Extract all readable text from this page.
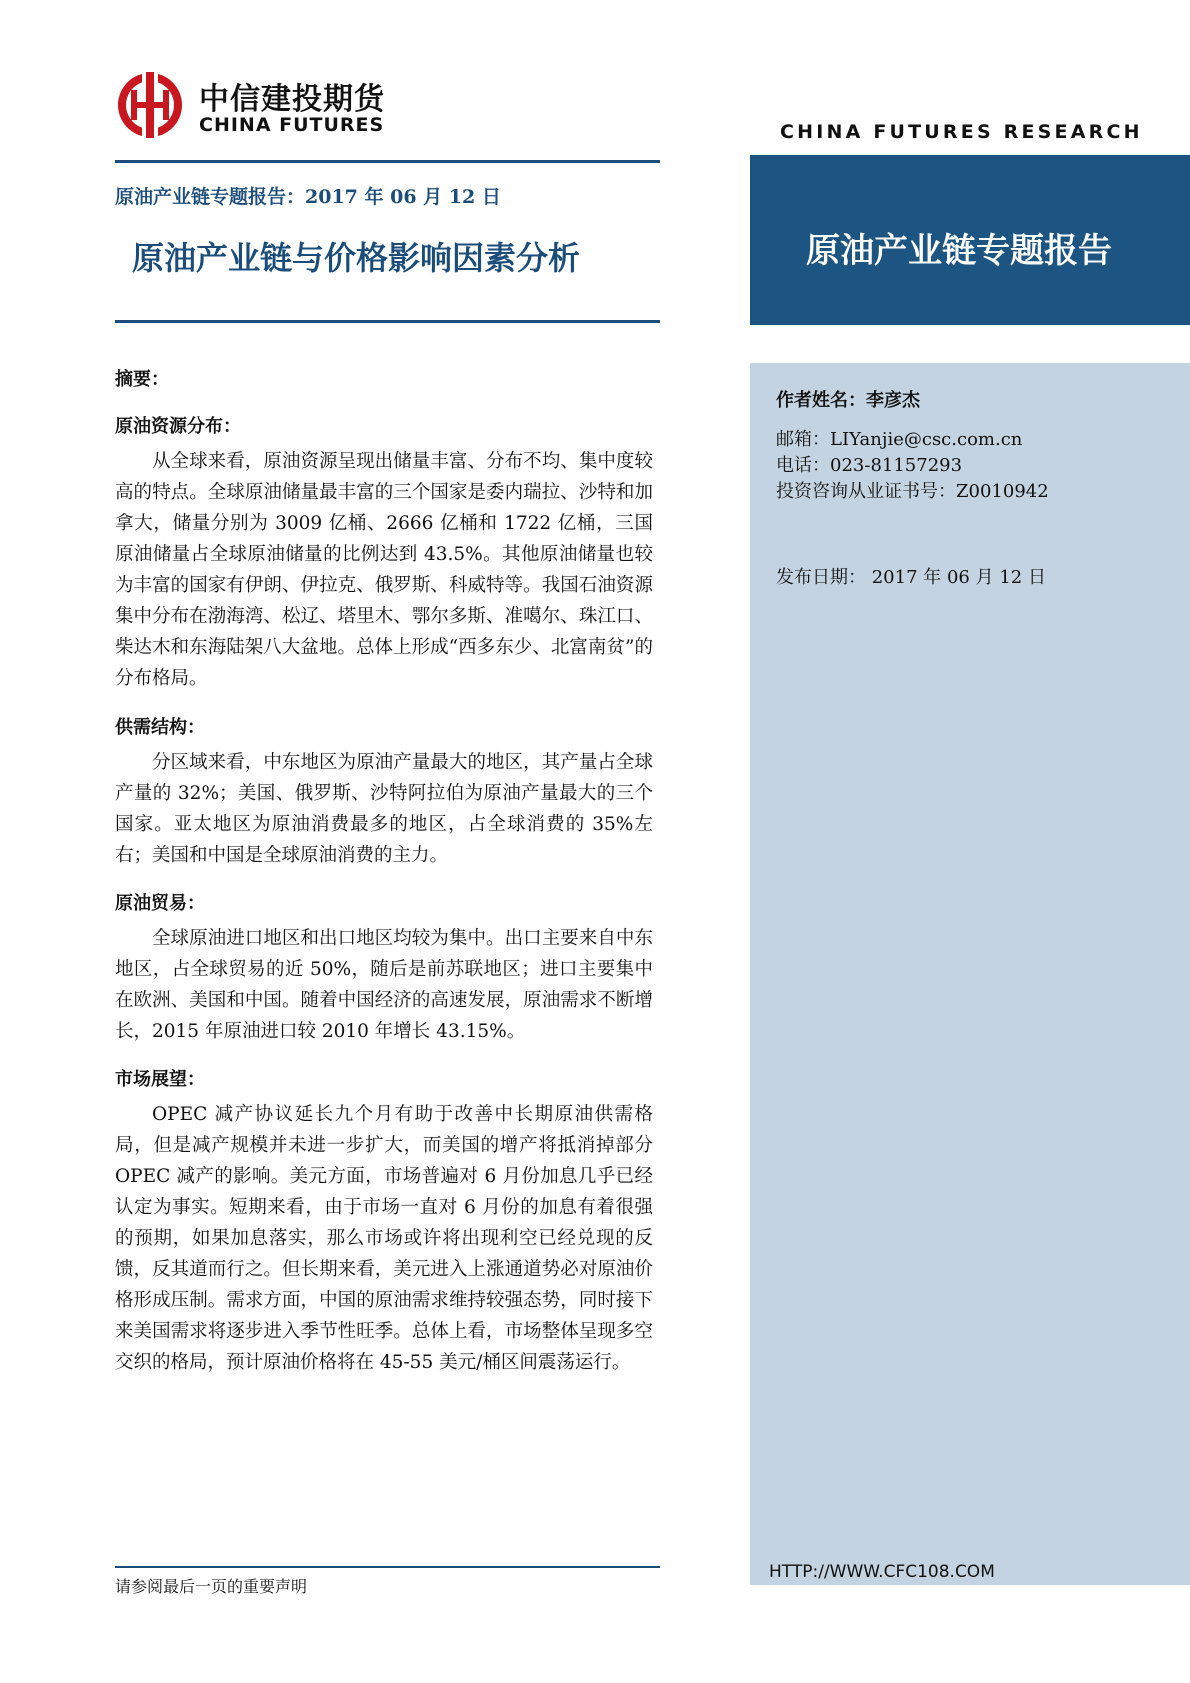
中信建投期货
CHINA FUTURES	CHINA FUTURES RESEARCH
原油产业链专题报告：2017 年 06 月 12 日
原油产业链与价格影响因素分析	原油产业链专题报告
作者姓名：李彦杰
邮箱：LIYanjie@csc.com.cn
电话：023-81157293
投资咨询从业证书号：Z0010942
发布日期： 2017 年 06 月 12 日
HTTP://WWW.CFC108.COM
摘要：
原油资源分布：

从全球来看，原油资源呈现出储量丰富、分布不均、集中度较高的特点。全球原油储量最丰富的三个国家是委内瑞拉、沙特和加拿大，储量分别为 3009 亿桶、2666 亿桶和 1722 亿桶，三国原油储量占全球原油储量的比例达到 43.5%。其他原油储量也较为丰富的国家有伊朗、伊拉克、俄罗斯、科威特等。我国石油资源集中分布在渤海湾、松辽、塔里木、鄂尔多斯、准噶尔、珠江口、柴达木和东海陆架八大盆地。总体上形成“西多东少、北富南贫”的分布格局。

供需结构：

分区域来看，中东地区为原油产量最大的地区，其产量占全球产量的 32%；美国、俄罗斯、沙特阿拉伯为原油产量最大的三个国家。亚太地区为原油消费最多的地区，占全球消费的 35%左右；美国和中国是全球原油消费的主力。

原油贸易：

全球原油进口地区和出口地区均较为集中。出口主要来自中东地区，占全球贸易的近 50%，随后是前苏联地区；进口主要集中在欧洲、美国和中国。随着中国经济的高速发展，原油需求不断增长，2015 年原油进口较 2010 年增长 43.15%。

市场展望：

OPEC 减产协议延长九个月有助于改善中长期原油供需格局，但是减产规模并未进一步扩大，而美国的增产将抵消掉部分 OPEC 减产的影响。美元方面，市场普遍对 6 月份加息几乎已经认定为事实。短期来看，由于市场一直对 6 月份的加息有着很强的预期，如果加息落实，那么市场或许将出现利空已经兑现的反馈，反其道而行之。但长期来看，美元进入上涨通道势必对原油价格形成压制。需求方面，中国的原油需求维持较强态势，同时接下来美国需求将逐步进入季节性旺季。总体上看，市场整体呈现多空交织的格局，预计原油价格将在 45-55 美元/桶区间震荡运行。

请参阅最后一页的重要声明
